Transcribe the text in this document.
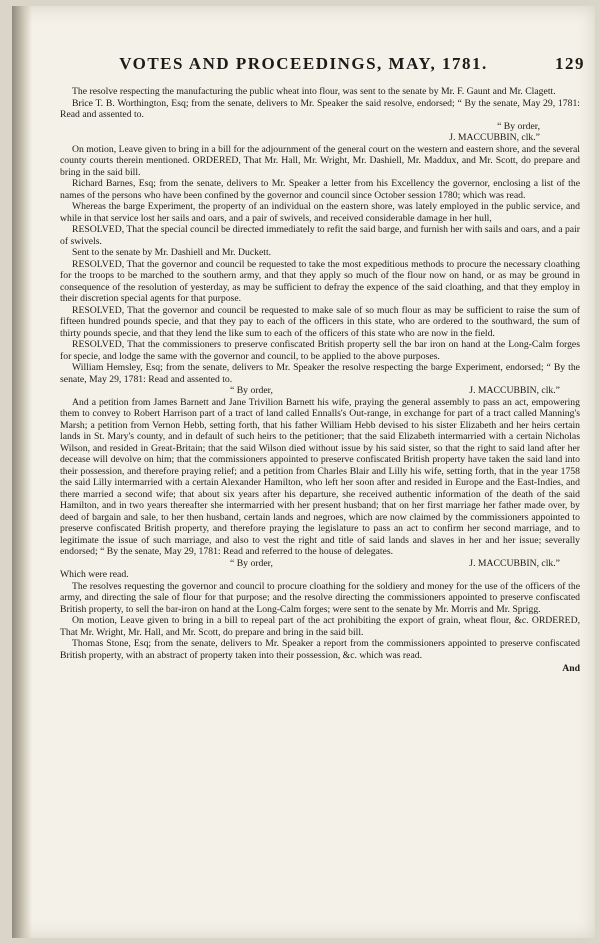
VOTES AND PROCEEDINGS, MAY, 1781.	129

The resolve respecting the manufacturing the public wheat into flour, was sent to the senate by Mr. F. Gaunt and Mr. Clagett.

Brice T. B. Worthington, Esq; from the senate, delivers to Mr. Speaker the said resolve, endorsed; “ By the senate, May 29, 1781: Read and assented to.

“ By order,
J. MACCUBBIN, clk.”

On motion, Leave given to bring in a bill for the adjournment of the general court on the western and eastern shore, and the several county courts therein mentioned. ORDERED, That Mr. Hall, Mr. Wright, Mr. Dashiell, Mr. Maddux, and Mr. Scott, do prepare and bring in the said bill.

Richard Barnes, Esq; from the senate, delivers to Mr. Speaker a letter from his Excellency the governor, enclosing a list of the names of the persons who have been confined by the governor and council since October session 1780; which was read.

Whereas the barge Experiment, the property of an individual on the eastern shore, was lately employed in the public service, and while in that service lost her sails and oars, and a pair of swivels, and received considerable damage in her hull,

RESOLVED, That the special council be directed immediately to refit the said barge, and furnish her with sails and oars, and a pair of swivels.

Sent to the senate by Mr. Dashiell and Mr. Duckett.

RESOLVED, That the governor and council be requested to take the most expeditious methods to procure the necessary cloathing for the troops to be marched to the southern army, and that they apply so much of the flour now on hand, or as may be ground in consequence of the resolution of yesterday, as may be sufficient to defray the expence of the said cloathing, and that they employ in their discretion special agents for that purpose.

RESOLVED, That the governor and council be requested to make sale of so much flour as may be sufficient to raise the sum of fifteen hundred pounds specie, and that they pay to each of the officers in this state, who are ordered to the southward, the sum of thirty pounds specie, and that they lend the like sum to each of the officers of this state who are now in the field.

RESOLVED, That the commissioners to preserve confiscated British property sell the bar iron on hand at the Long-Calm forges for specie, and lodge the same with the governor and council, to be applied to the above purposes.

William Hemsley, Esq; from the senate, delivers to Mr. Speaker the resolve respecting the barge Experiment, endorsed; “ By the senate, May 29, 1781: Read and assented to.

“ By order,	J. MACCUBBIN, clk.”

And a petition from James Barnett and Jane Trivilion Barnett his wife, praying the general assembly to pass an act, empowering them to convey to Robert Harrison part of a tract of land called Ennalls's Out-range, in exchange for part of a tract called Manning's Marsh; a petition from Vernon Hebb, setting forth, that his father William Hebb devised to his sister Elizabeth and her heirs certain lands in St. Mary's county, and in default of such heirs to the petitioner; that the said Elizabeth intermarried with a certain Nicholas Wilson, and resided in Great-Britain; that the said Wilson died without issue by his said sister, so that the right to said land after her decease will devolve on him; that the commissioners appointed to preserve confiscated British property have taken the said land into their possession, and therefore praying relief; and a petition from Charles Blair and Lilly his wife, setting forth, that in the year 1758 the said Lilly intermarried with a certain Alexander Hamilton, who left her soon after and resided in Europe and the East-Indies, and there married a second wife; that about six years after his departure, she received authentic information of the death of the said Hamilton, and in two years thereafter she intermarried with her present husband; that on her first marriage her father made over, by deed of bargain and sale, to her then husband, certain lands and negroes, which are now claimed by the commissioners appointed to preserve confiscated British property, and therefore praying the legislature to pass an act to confirm her second marriage, and to legitimate the issue of such marriage, and also to vest the right and title of said lands and slaves in her and her issue; severally endorsed; “ By the senate, May 29, 1781: Read and referred to the house of delegates.

“ By order,	J. MACCUBBIN, clk.”

Which were read.

The resolves requesting the governor and council to procure cloathing for the soldiery and money for the use of the officers of the army, and directing the sale of flour for that purpose; and the resolve directing the commissioners appointed to preserve confiscated British property, to sell the bar-iron on hand at the Long-Calm forges; were sent to the senate by Mr. Morris and Mr. Sprigg.

On motion, Leave given to bring in a bill to repeal part of the act prohibiting the export of grain, wheat flour, &c. ORDERED, That Mr. Wright, Mr. Hall, and Mr. Scott, do prepare and bring in the said bill.

Thomas Stone, Esq; from the senate, delivers to Mr. Speaker a report from the commissioners appointed to preserve confiscated British property, with an abstract of property taken into their possession, &c. which was read.

And
